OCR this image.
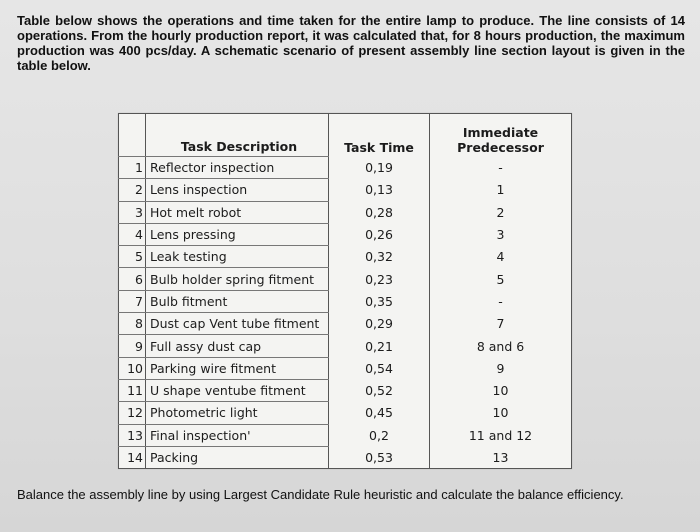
Table below shows the operations and time taken for the entire lamp to produce. The line consists of 14 operations. From the hourly production report, it was calculated that, for 8 hours production, the maximum production was 400 pcs/day. A schematic scenario of present assembly line section layout is given in the table below.

	Task Description	Task Time	Immediate Predecessor
1	Reflector inspection	0,19	-
2	Lens inspection	0,13	1
3	Hot melt robot	0,28	2
4	Lens pressing	0,26	3
5	Leak testing	0,32	4
6	Bulb holder spring fitment	0,23	5
7	Bulb fitment	0,35	-
8	Dust cap Vent tube fitment	0,29	7
9	Full assy dust cap	0,21	8 and 6
10	Parking wire fitment	0,54	9
11	U shape ventube fitment	0,52	10
12	Photometric light	0,45	10
13	Final inspection'	0,2	11 and 12
14	Packing	0,53	13

Balance the assembly line by using Largest Candidate Rule heuristic and calculate the balance efficiency.
